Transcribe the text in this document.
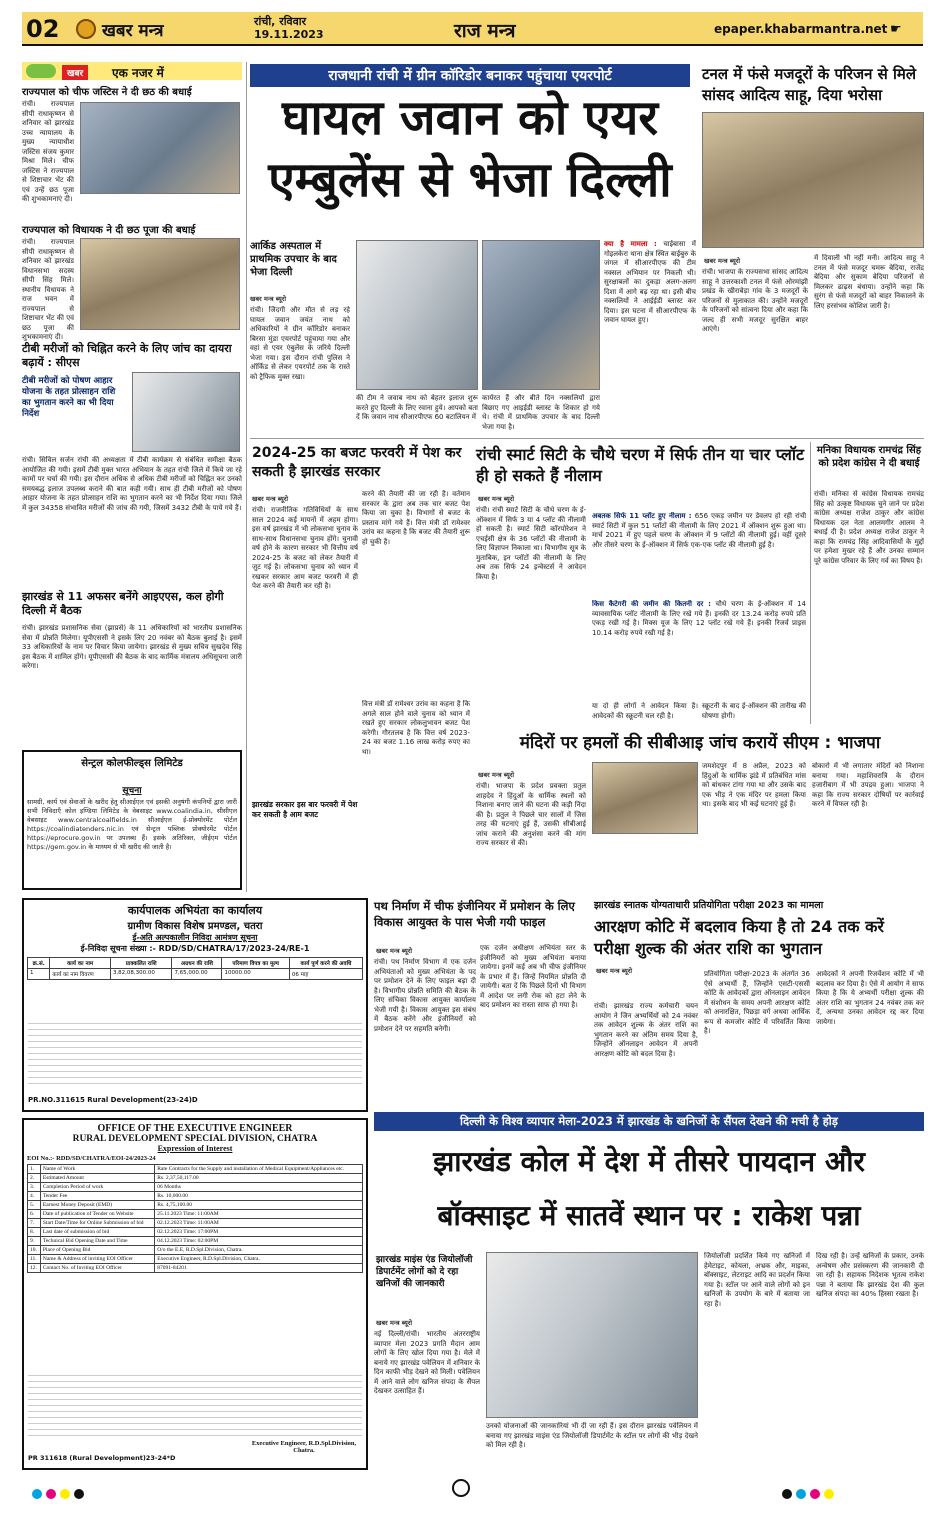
02	खबर मन्त्र	रांची, रविवार
19.11.2023	राज मन्त्र	epaper.khabarmantra.net ☛
खबर	एक नजर में
राज्यपाल को चीफ जस्टिस ने दी छठ की बधाई
रांची। राज्यपाल सीपी राधाकृष्णन से शनिवार को झारखंड उच्च न्यायालय के मुख्य न्यायाधीश जस्टिस संजय कुमार मिश्रा मिले। चीफ जस्टिस ने राज्यपाल से शिष्टाचार भेंट की एवं उन्हें छठ पूजा की शुभकामनाएं दी।
राज्यपाल को विधायक ने दी छठ पूजा की बधाई
रांची। राज्यपाल सीपी राधाकृष्णन से शनिवार को झारखंड विधानसभा सदस्य सीपी सिंह मिले। स्थानीय विधायक ने राज भवन में राज्यपाल से शिष्टाचार भेंट की एवं छठ पूजा की शुभकामनाएं दी।
टीबी मरीजों को चिह्नित करने के लिए जांच का दायरा बढ़ायें : सीएस
टीबी मरीजों को पोषण आहार योजना के तहत प्रोत्साहन राशि का भुगतान करने का भी दिया निर्देश
रांची। सिविल सर्जन रांची की अध्यक्षता में टीबी कार्यक्रम से संबंधित समीक्षा बैठक आयोजित की गयी। इसमें टीबी मुक्त भारत अभियान के तहत रांची जिले में किये जा रहे कामों पर चर्चा की गयी। इस दौरान अधिक से अधिक टीबी मरीजों को चिह्नित कर उनको समयबद्ध इलाज उपलब्ध कराने की बात कही गयी। साथ ही टीबी मरीजों को पोषण आहार योजना के तहत प्रोत्साहन राशि का भुगतान करने का भी निर्देश दिया गया। जिले में कुल 34358 संभावित मरीजों की जांच की गयी, जिसमें 3432 टीबी के पाये गये हैं।
झारखंड से 11 अफसर बनेंगे आइएएस, कल होगी दिल्ली में बैठक
रांची। झारखंड प्रशासनिक सेवा (झाप्रसे) के 11 अधिकारियों को भारतीय प्रशासनिक सेवा में प्रोन्नति मिलेगा। यूपीएससी ने इसके लिए 20 नवंबर को बैठक बुलाई है। इसमें 33 अधिकारियों के नाम पर विचार किया जायेगा। झारखंड से मुख्य सचिव सुखदेव सिंह इस बैठक में शामिल होंगे। यूपीएससी की बैठक के बाद कार्मिक मंत्रालय अधिसूचना जारी करेगा।
सेन्ट्रल कोलफील्ड्स लिमिटेड
सूचना
सामग्री, कार्य एवं सेवाओं के खरीद हेतु सीआईएल एवं इसकी अनुषंगी कंपनियों द्वारा जारी सभी निविदाएँ कोल इण्डिया लिमिटेड के वेबसाइट www.coalindia.in, सीसीएल वेबसाइट www.centralcoalfields.in सीआईएल ई-प्रोक्योरमेंट पोर्टल https://coalindiatenders.nic.in एवं सेन्ट्रल पब्लिक प्रोक्योरमेंट पोर्टल https://eprocure.gov.in पर उपलब्ध हैं। इसके अतिरिक्त, जीईएम पोर्टल https://gem.gov.in के माध्यम से भी खरीद की जाती है।
राजधानी रांची में ग्रीन कॉरिडोर बनाकर पहुंचाया एयरपोर्ट
घायल जवान को एयर
एम्बुलेंस से भेजा दिल्ली
आर्किड अस्पताल में प्राथमिक उपचार के बाद भेजा दिल्ली
खबर मन्त्र ब्यूरो
रांची। जिंदगी और मौत से लड़ रहे घायल जवान जयंत नाथ को अधिकारियों ने ग्रीन कॉरिडोर बनाकर बिरसा मुंडा एयरपोर्ट पहुंचाया गया और वहां से एयर एंबुलेंस के जरिये दिल्ली भेजा गया। इस दौरान रांची पुलिस ने ऑर्किड से लेकर एयरपोर्ट तक के रास्ते को ट्रैफिक मुक्त रखा।
की टीम ने जवाब नाथ को बेहतर इलाज शुरू करते हुए दिल्ली के लिए रवाना हुये। आपको बता दें कि जवान नाथ सीआरपीएफ 60 बटालियन में
कार्यरत हैं और बीते दिन नक्सलियों द्वारा बिछाए गए आइईडी ब्लास्ट के शिकार हो गये थे। रांची में प्राथमिक उपचार के बाद दिल्ली भेजा गया है।
क्या है मामला : चाईबासा में गोइलकेरा थाना क्षेत्र स्थित बाईबुरु के जंगल में सीआरपीएफ की टीम नक्सल अभियान पर निकली थी। सुरक्षाबलों का दुकड़ा अलग-अलग दिशा में आगे बढ़ रहा था। इसी बीच नक्सलियों ने आईईडी ब्लास्ट कर दिया। इस घटना में सीआरपीएफ के जवान घायल हुए।
टनल में फंसे मजदूरों के परिजन से मिले सांसद आदित्य साहू, दिया भरोसा
खबर मन्त्र ब्यूरो
रांची। भाजपा के राज्यसभा सांसद आदित्य साहू ने उत्तरकाशी टनल में फंसे ओरमांझी प्रखंड के खीराबेड़ा गांव के 3 मजदूरों के परिजनों से मुलाकात की। उन्होंने मजदूरों के परिजनों को सांत्वना दिया और कहा कि जल्द ही सभी मजदूर सुरक्षित बाहर आएंगे।
में दिवाली भी नहीं मनी। आदित्य साहू ने टनल में फंसे मजदूर चमरू बेदिया, राजेंद्र बेदिया और सुकाम बेदिया परिजनों से मिलकर ढाढ़स बंधाया। उन्होंने कहा कि सुरंग से फंसे मजदूरों को बाहर निकालने के लिए हरसंभव कोशिश जारी है।
2024-25 का बजट फरवरी में पेश कर सकती है झारखंड सरकार
खबर मन्त्र ब्यूरो
रांची। राजनीतिक गतिविधियों के साथ साल 2024 कई मायनों में अहम होगा। इस वर्ष झारखंड में भी लोकसभा चुनाव के साथ-साथ विधानसभा चुनाव होंगे। चुनावी वर्ष होने के कारण सरकार भी वित्तीय वर्ष 2024-25 के बजट को लेकर तैयारी में जुट गई है। लोकसभा चुनाव को ध्यान में रखकर सरकार आम बजट फरवरी में ही पेश करने की तैयारी कर रही है।
वित्त मंत्री डॉ रामेश्वर उरांव का कहना है कि अगले साल होने वाले चुनाव को ध्यान में रखते हुए सरकार लोकलुभावन बजट पेश करेगी। गौरतलब है कि वित्त वर्ष 2023-24 का बजट 1.16 लाख करोड़ रुपए का था।
करने की तैयारी की जा रही है। वर्तमान सरकार के द्वारा अब तक चार बजट पेश किया जा चुका है। विभागों से बजट के प्रस्ताव मांगे गये हैं। वित्त मंत्री डॉ रामेश्वर उरांव का कहना है कि बजट की तैयारी शुरू हो चुकी है।
झारखंड सरकार इस बार फरवरी में पेश कर सकती है आम बजट
रांची स्मार्ट सिटी के चौथे चरण में सिर्फ तीन या चार प्लॉट ही हो सकते हैं नीलाम
खबर मन्त्र ब्यूरो
रांची। रांची स्मार्ट सिटी के चौथे चरण के ई-ऑक्शन में सिर्फ 3 या 4 प्लॉट की नीलामी हो सकती है। स्मार्ट सिटी कॉरपोरेशन ने एचईसी क्षेत्र के 36 प्लॉटों की नीलामी के लिए विज्ञापन निकाला था। विभागीय सूत्र के मुताबिक, इन प्लॉटों की नीलामी के लिए अब तक सिर्फ 24 इन्वेस्टर्स ने आवेदन किया है।
अबतक सिर्फ 11 प्लॉट हुए नीलाम : 656 एकड़ जमीन पर डेवलप हो रही रांची स्मार्ट सिटी में कुल 51 प्लॉटों की नीलामी के लिए 2021 में ऑक्शन शुरू हुआ था। मार्च 2021 में हुए पहले चरण के ऑक्शन में 9 प्लॉटों की नीलामी हुई। वहीं दूसरे और तीसरे चरण के ई-ऑक्शन में सिर्फ एक-एक प्लॉट की नीलामी हुई है।
किस कैटेगरी की जमीन की कितनी दर : चौथे चरण के ई-ऑक्शन में 14 व्यावसायिक प्लॉट नीलामी के लिए रखे गये हैं। इनकी दर 13.24 करोड़ रुपये प्रति एकड़ रखी गई है। मिक्स यूज के लिए 12 प्लॉट रखे गये हैं। इनकी रिजर्व प्राइस 10.14 करोड़ रुपये रखी गई है।
या दो ही लोगों ने आवेदन किया है। आवेदकों की स्क्रूटनी चल रही है।
स्क्रूटनी के बाद ई-ऑक्शन की तारीख की घोषणा होगी।
मनिका विधायक रामचंद्र सिंह को प्रदेश कांग्रेस ने दी बधाई
रांची। मनिका से कांग्रेस विधायक रामचंद्र सिंह को उत्कृष्ट विधायक चुने जाने पर प्रदेश कांग्रेस अध्यक्ष राजेश ठाकुर और कांग्रेस विधायक दल नेता आलमगीर आलम ने बधाई दी है। प्रदेश अध्यक्ष राजेश ठाकुर ने कहा कि रामचंद्र सिंह आदिवासियों के मुद्दों पर हमेशा मुखर रहे हैं और उनका सम्मान पूरे कांग्रेस परिवार के लिए गर्व का विषय है।
मंदिरों पर हमलों की सीबीआइ जांच करायें सीएम : भाजपा
खबर मन्त्र ब्यूरो
रांची। भाजपा के प्रदेश प्रवक्ता प्रतुल शाहदेव ने हिंदुओं के धार्मिक स्थलों को निशाना बनाए जाने की घटना की कड़ी निंदा की है। प्रतुल ने पिछले चार सालों में जिस तरह की घटनाएं हुई हैं, उसकी सीबीआई जांच कराने की अनुशंसा करने की मांग राज्य सरकार से की।
जमशेदपुर में 8 अप्रैल, 2023 को हिंदुओं के धार्मिक झंडे में प्रतिबंधित मांस को बांधकर टांगा गया था और उसके बाद एक भीड़ ने एक मंदिर पर हमला किया था। इसके बाद भी कई घटनाएं हुई हैं।
बोकारो में भी लगातार मंदिरों को निशाना बनाया गया। महाशिवरात्रि के दौरान हजारीबाग में भी उपद्रव हुआ। भाजपा ने कहा कि राज्य सरकार दोषियों पर कार्रवाई करने में विफल रही है।
कार्यपालक अभियंता का कार्यालय
ग्रामीण विकास विशेष प्रमण्डल, चतरा
ई-अति अल्पकालीन निविदा आमंत्रण सूचना
ई-निविदा सूचना संख्या :- RDD/SD/CHATRA/17/2023-24/RE-1
क्र.सं.	कार्य का नाम	प्राक्कलित राशि	अग्रधन की राशि	परिमाण विपत्र का मूल्य	कार्य पूर्ण करने की अवधि
1	कार्य का नाम विवरण	3,82,08,300.00	7,65,000.00	10000.00	06 माह
PR.NO.311615 Rural Development(23-24)D
OFFICE OF THE EXECUTIVE ENGINEER
RURAL DEVELOPMENT SPECIAL DIVISION, CHATRA
Expression of Interest
EOI No.:- RDD/SD/CHATRA/EOI-24/2023-24
1.	Name of Work	Rate Contracts for the Supply and installation of Medical Equipment/Appliances etc.
2.	Estimated Amount	Rs. 2,37,50,117.00
3.	Completion Period of work	06 Months
4.	Tender Fee	Rs. 10,000.00
5.	Earnest Money Deposit (EMD)	Rs. 4,75,100.00
6.	Date of publication of Tender on Website	25.11.2023 Time: 11:00AM
7.	Start Date/Time for Online Submission of bid	02.12.2023 Time: 11:00AM
8.	Last date of submission of bid	02.12.2023 Time: 17:00PM
9.	Technical Bid Opening Date and Time	04.12.2023 Time: 02:00PM
10.	Place of Opening Bid	O/o the E.E, R.D.Spl.Division, Chatra.
11.	Name & Address of inviting EOI Officer	Executive Engineer, R.D.Spl.Division, Chatra.
12.	Contact No. of Inviting EOI Officer	87091-84201
Executive Engineer, R.D.Spl.Division, Chatra.
PR 311618 (Rural Development)23-24*D
पथ निर्माण में चीफ इंजीनियर में प्रमोशन के लिए विकास आयुक्त के पास भेजी गयी फाइल
खबर मन्त्र ब्यूरो
रांची। पथ निर्माण विभाग में एक दर्जन अभियंताओं को मुख्य अभियंता के पद पर प्रमोशन देने के लिए फाइल बढ़ा दी है। विभागीय प्रोन्नति समिति की बैठक के लिए संचिका विकास आयुक्त कार्यालय भेजी गयी है। विकास आयुक्त इस संबंध में बैठक करेंगे और इंजीनियरों को प्रमोशन देने पर सहमति बनेगी।
एक दर्जन अधीक्षण अभियंता स्तर के इंजीनियरों को मुख्य अभियंता बनाया जायेगा। इनमें कई अब भी चीफ इंजीनियर के प्रभार में हैं। जिन्हें नियमित प्रोन्नति दी जायेगी। बता दें कि पिछले दिनों भी विभाग में आदेश पर लगी रोक को हटा लेने के बाद प्रमोशन का रास्ता साफ हो गया है।
झारखंड स्नातक योग्यताधारी प्रतियोगिता परीक्षा 2023 का मामला
आरक्षण कोटि में बदलाव किया है तो 24 तक करें परीक्षा शुल्क की अंतर राशि का भुगतान
खबर मन्त्र ब्यूरो
रांची। झारखंड राज्य कर्मचारी चयन आयोग ने जिन अभ्यर्थियों को 24 नवंबर तक आवेदन शुल्क के अंतर राशि का भुगतान करने का अंतिम समय दिया है, जिन्होंने ऑनलाइन आवेदन में अपनी आरक्षण कोटि को बदल दिया है।
प्रतियोगिता परीक्षा-2023 के अंतर्गत 36 ऐसे अभ्यर्थी हैं, जिन्होंने एसटी-एससी कोटि के आवेदकों द्वारा ऑनलाइन आवेदन में संशोधन के समय अपनी आरक्षण कोटि को अनारक्षित, पिछड़ा वर्ग अथवा आर्थिक रूप से कमजोर कोटि में परिवर्तित किया है।
आवेदकों ने अपनी रिजर्वेशन कोटि में भी बदलाव कर दिया है। ऐसे में आयोग ने साफ किया है कि ये अभ्यर्थी परीक्षा शुल्क की अंतर राशि का भुगतान 24 नवंबर तक कर दें, अन्यथा उनका आवेदन रद्द कर दिया जायेगा।
दिल्ली के विश्व व्यापार मेला-2023 में झारखंड के खनिजों के सैंपल देखने की मची है होड़
झारखंड कोल में देश में तीसरे पायदान और
बॉक्साइट में सातवें स्थान पर : राकेश पन्ना
झारखंड माइंस एंड जियोलॉजी डिपार्टमेंट लोगों को दे रहा खनिजों की जानकारी
खबर मन्त्र ब्यूरो
नई दिल्ली/रांची। भारतीय अंतरराष्ट्रीय व्यापार मेला 2023 प्रगति मैदान आम लोगों के लिए खोल दिया गया है। मेले में बनाये गए झारखंड पवेलियन में शनिवार के दिन काफी भीड़ देखने को मिली। पवेलियन में आने वाले लोग खनिज संपदा के सैंपल देखकर उत्साहित हैं।
उनको योजनाओं की जानकारियां भी दी जा रही हैं। इस दौरान झारखंड पवेलियन में बनाया गए झारखंड माइंस एंड जियोलॉजी डिपार्टमेंट के स्टॉल पर लोगों की भीड़ देखने को मिल रही है।
जियोलॉजी प्रदर्शित किये गए खनिजों में हेमेटाइट, कोयला, अभ्रक और, माइका, बॉक्साइट, लेटराइट आदि का प्रदर्शन किया गया है। स्टॉल पर आने वाले लोगों को इन खनिजों के उपयोग के बारे में बताया जा रहा है।
दिख रही है। उन्हें खनिजों के प्रकार, उनके अन्वेषण और प्रसंस्करण की जानकारी दी जा रही है। सहायक निदेशक भूतत्व राकेश पन्ना ने बताया कि झारखंड देश की कुल खनिज संपदा का 40% हिस्सा रखता है।
